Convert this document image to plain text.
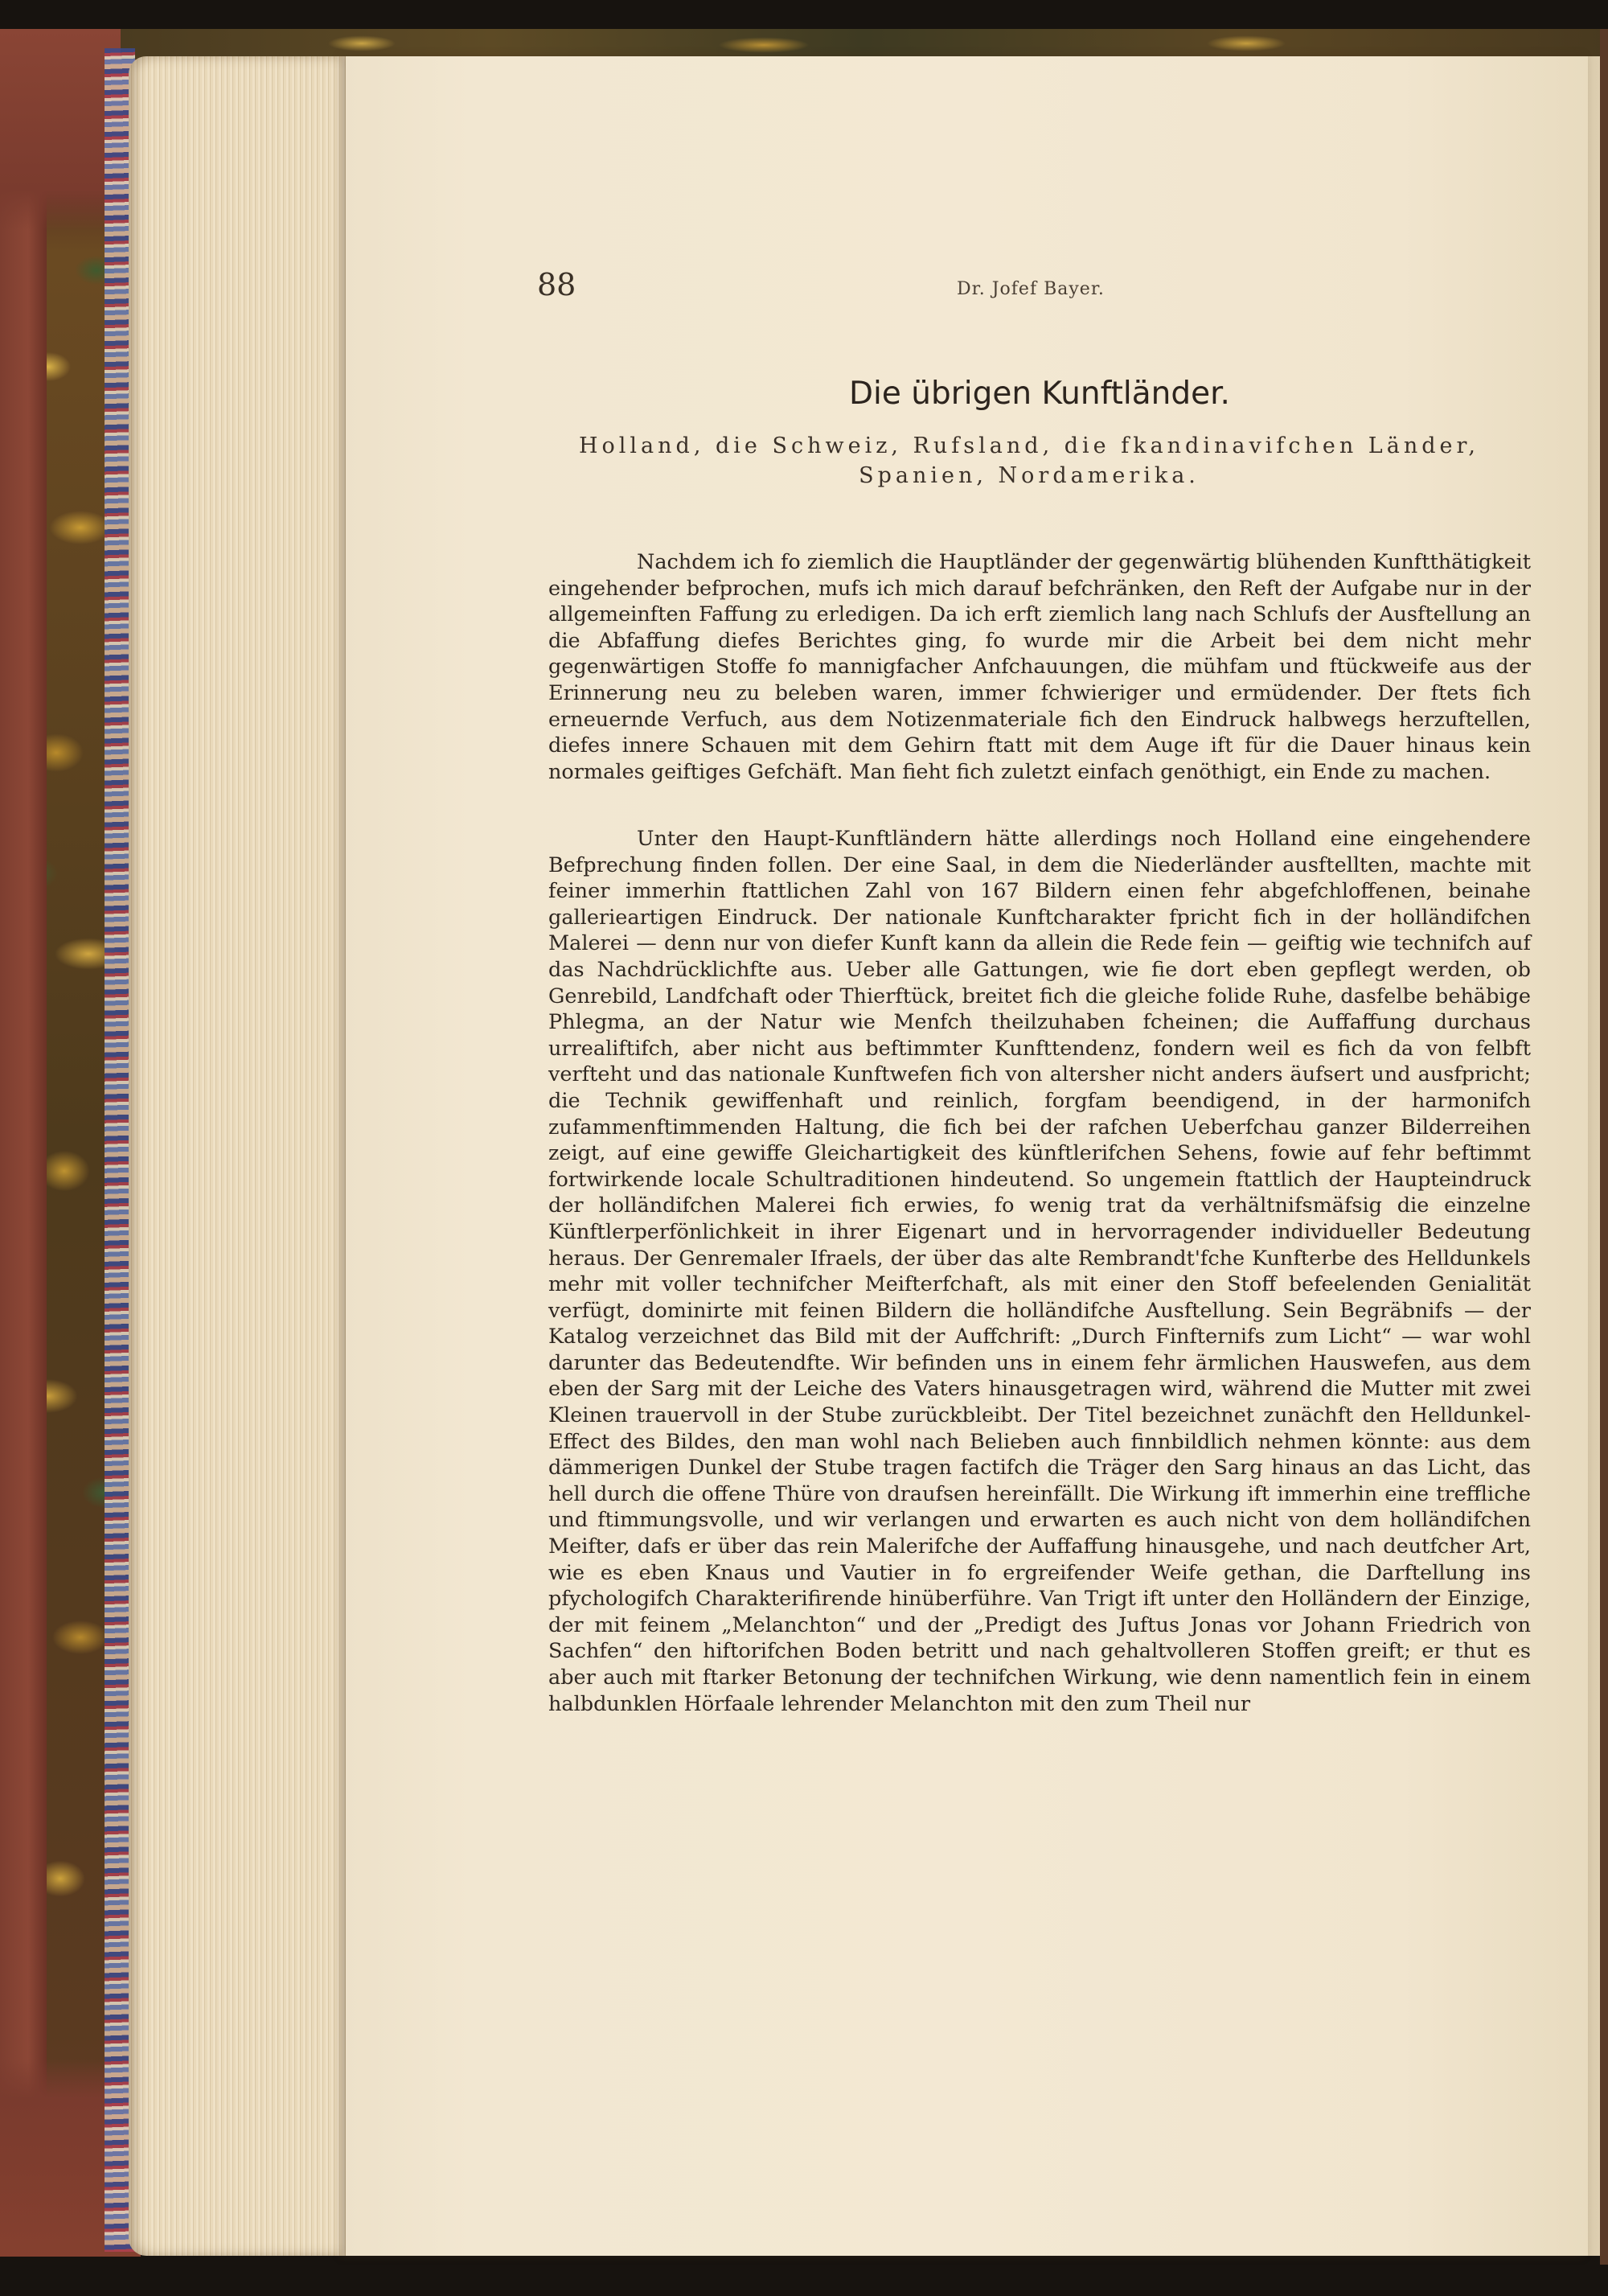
88	Dr. Jofef Bayer.
Die übrigen Kunftländer.
Holland, die Schweiz, Rufsland, die fkandinavifchen Länder, Spanien, Nordamerika.

Nachdem ich fo ziemlich die Hauptländer der gegenwärtig blühenden Kunftthätigkeit eingehender befprochen, mufs ich mich darauf befchränken, den Reft der Aufgabe nur in der allgemeinften Faffung zu erledigen. Da ich erft ziemlich lang nach Schlufs der Ausftellung an die Abfaffung diefes Berichtes ging, fo wurde mir die Arbeit bei dem nicht mehr gegenwärtigen Stoffe fo mannigfacher Anfchauungen, die mühfam und ftückweife aus der Erinnerung neu zu beleben waren, immer fchwieriger und ermüdender. Der ftets fich erneuernde Verfuch, aus dem Notizenmateriale fich den Eindruck halbwegs herzuftellen, diefes innere Schauen mit dem Gehirn ftatt mit dem Auge ift für die Dauer hinaus kein normales geiftiges Gefchäft. Man fieht fich zuletzt einfach genöthigt, ein Ende zu machen.

Unter den Haupt-Kunftländern hätte allerdings noch Holland eine eingehendere Befprechung finden follen. Der eine Saal, in dem die Niederländer ausftellten, machte mit feiner immerhin ftattlichen Zahl von 167 Bildern einen fehr abgefchloffenen, beinahe gallerieartigen Eindruck. Der nationale Kunftcharakter fpricht fich in der holländifchen Malerei — denn nur von diefer Kunft kann da allein die Rede fein — geiftig wie technifch auf das Nachdrücklichfte aus. Ueber alle Gattungen, wie fie dort eben gepflegt werden, ob Genrebild, Landfchaft oder Thierftück, breitet fich die gleiche folide Ruhe, dasfelbe behäbige Phlegma, an der Natur wie Menfch theilzuhaben fcheinen; die Auffaffung durchaus urrealiftifch, aber nicht aus beftimmter Kunfttendenz, fondern weil es fich da von felbft verfteht und das nationale Kunftwefen fich von altersher nicht anders äufsert und ausfpricht; die Technik gewiffenhaft und reinlich, forgfam beendigend, in der harmonifch zufammenftimmenden Haltung, die fich bei der rafchen Ueberfchau ganzer Bilderreihen zeigt, auf eine gewiffe Gleichartigkeit des künftlerifchen Sehens, fowie auf fehr beftimmt fortwirkende locale Schultraditionen hindeutend. So ungemein ftattlich der Haupteindruck der holländifchen Malerei fich erwies, fo wenig trat da verhältnifsmäfsig die einzelne Künftlerperfönlichkeit in ihrer Eigenart und in hervorragender individueller Bedeutung heraus. Der Genremaler Ifraels, der über das alte Rembrandt'fche Kunfterbe des Helldunkels mehr mit voller technifcher Meifterfchaft, als mit einer den Stoff befeelenden Genialität verfügt, dominirte mit feinen Bildern die holländifche Ausftellung. Sein Begräbnifs — der Katalog verzeichnet das Bild mit der Auffchrift: „Durch Finfternifs zum Licht“ — war wohl darunter das Bedeutendfte. Wir befinden uns in einem fehr ärmlichen Hauswefen, aus dem eben der Sarg mit der Leiche des Vaters hinausgetragen wird, während die Mutter mit zwei Kleinen trauervoll in der Stube zurückbleibt. Der Titel bezeichnet zunächft den Helldunkel-Effect des Bildes, den man wohl nach Belieben auch finnbildlich nehmen könnte: aus dem dämmerigen Dunkel der Stube tragen factifch die Träger den Sarg hinaus an das Licht, das hell durch die offene Thüre von draufsen hereinfällt. Die Wirkung ift immerhin eine treffliche und ftimmungsvolle, und wir verlangen und erwarten es auch nicht von dem holländifchen Meifter, dafs er über das rein Malerifche der Auffaffung hinausgehe, und nach deutfcher Art, wie es eben Knaus und Vautier in fo ergreifender Weife gethan, die Darftellung ins pfychologifch Charakterifirende hinüberführe. Van Trigt ift unter den Holländern der Einzige, der mit feinem „Melanchton“ und der „Predigt des Juftus Jonas vor Johann Friedrich von Sachfen“ den hiftorifchen Boden betritt und nach gehaltvolleren Stoffen greift; er thut es aber auch mit ftarker Betonung der technifchen Wirkung, wie denn namentlich fein in einem halbdunklen Hörfaale lehrender Melanchton mit den zum Theil nur
